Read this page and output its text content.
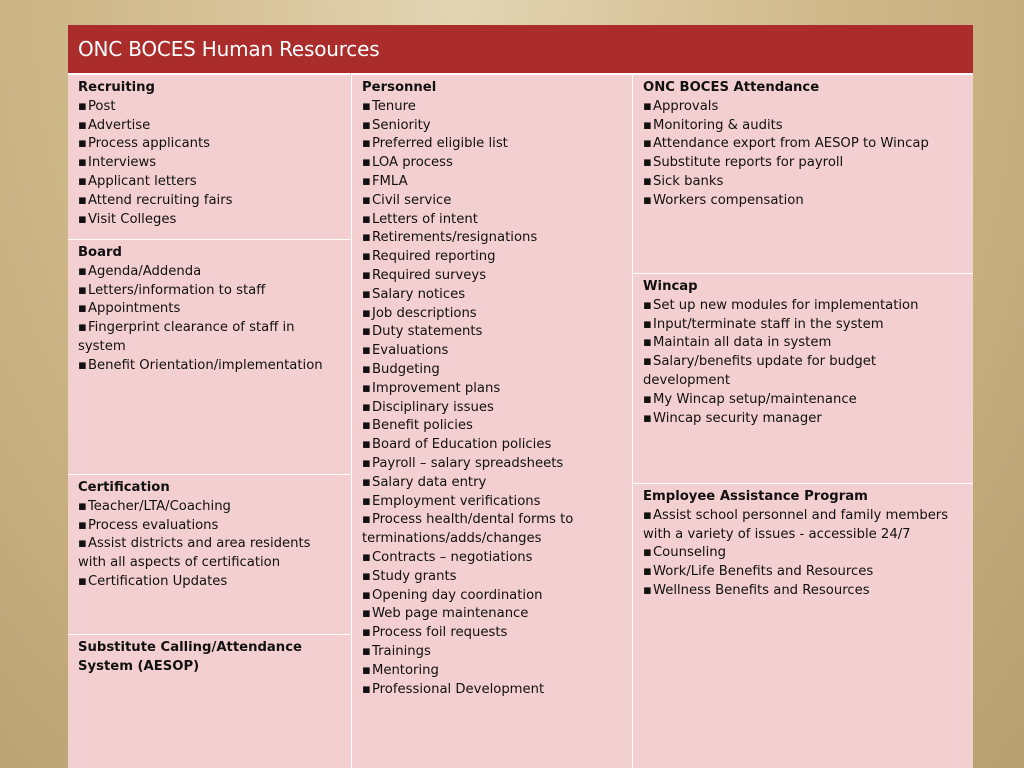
ONC BOCES Human Resources
Recruiting
▪ Post
▪ Advertise
▪ Process applicants
▪ Interviews
▪ Applicant letters
▪ Attend recruiting fairs
▪ Visit Colleges
Board
▪ Agenda/Addenda
▪ Letters/information to staff
▪ Appointments
▪ Fingerprint clearance of staff in system
▪ Benefit Orientation/implementation
Certification
▪ Teacher/LTA/Coaching
▪ Process evaluations
▪ Assist districts and area residents with all aspects of certification
▪ Certification Updates
Substitute Calling/Attendance System (AESOP)
Personnel
▪ Tenure
▪ Seniority
▪ Preferred eligible list
▪ LOA process
▪ FMLA
▪ Civil service
▪ Letters of intent
▪ Retirements/resignations
▪ Required reporting
▪ Required surveys
▪ Salary notices
▪ Job descriptions
▪ Duty statements
▪ Evaluations
▪ Budgeting
▪ Improvement plans
▪ Disciplinary issues
▪ Benefit policies
▪ Board of Education policies
▪ Payroll – salary spreadsheets
▪ Salary data entry
▪ Employment verifications
▪ Process health/dental forms to terminations/adds/changes
▪ Contracts – negotiations
▪ Study grants
▪ Opening day coordination
▪ Web page maintenance
▪ Process foil requests
▪ Trainings
▪ Mentoring
▪ Professional Development
ONC BOCES Attendance
▪ Approvals
▪ Monitoring & audits
▪ Attendance export from AESOP to Wincap
▪ Substitute reports for payroll
▪ Sick banks
▪ Workers compensation
Wincap
▪ Set up new modules for implementation
▪ Input/terminate staff in the system
▪ Maintain all data in system
▪ Salary/benefits update for budget development
▪ My Wincap setup/maintenance
▪ Wincap security manager
Employee Assistance Program
▪ Assist school personnel and family members with a variety of issues - accessible 24/7
▪ Counseling
▪ Work/Life Benefits and Resources
▪ Wellness Benefits and Resources
